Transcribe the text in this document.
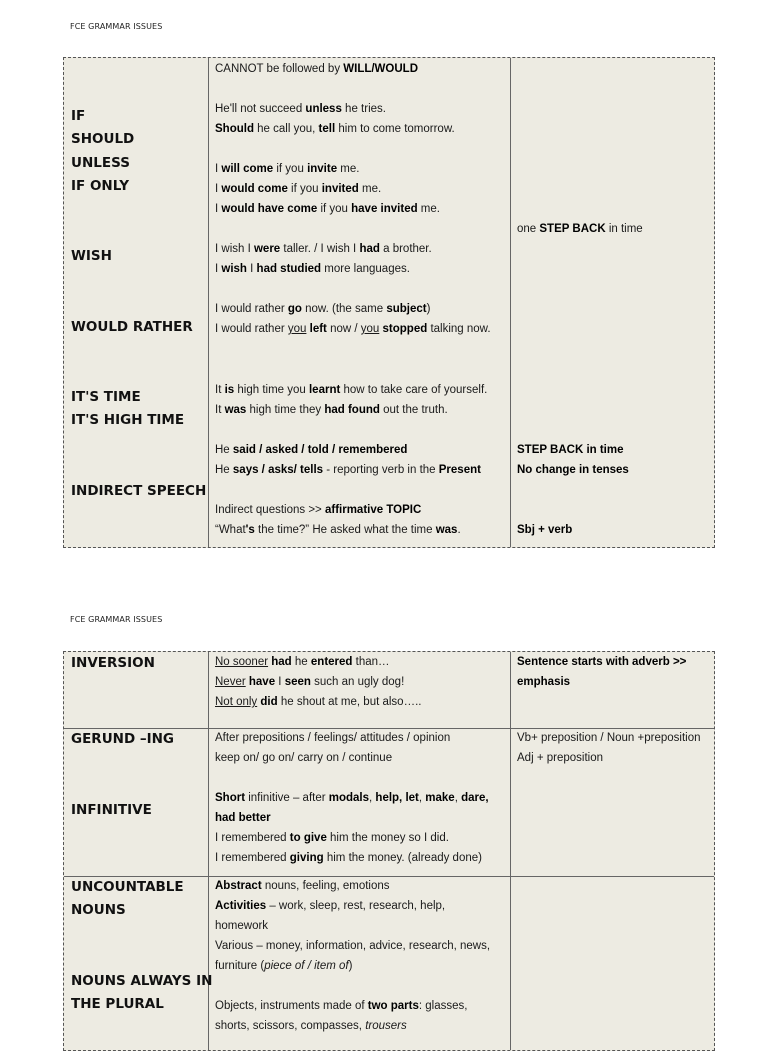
FCE GRAMMAR ISSUES
IF
SHOULD
UNLESS
IF ONLY
WISH
WOULD RATHER
IT'S TIME
IT'S HIGH TIME
INDIRECT SPEECH
CANNOT be followed by WILL/WOULD
He'll not succeed unless he tries.
Should he call you, tell him to come tomorrow.
I will come if you invite me.
I would come if you invited me.
I would have come if you have invited me.
I wish I were taller. / I wish I had a brother.
I wish I had studied more languages.
I would rather go now. (the same subject)
I would rather you left now / you stopped talking now.
It is high time you learnt how to take care of yourself.
It was high time they had found out the truth.
He said / asked / told / remembered
He says / asks/ tells - reporting verb in the Present
Indirect questions >> affirmative TOPIC
“What's the time?” He asked what the time was.
one STEP BACK in time
STEP BACK in time
No change in tenses
Sbj + verb
FCE GRAMMAR ISSUES
INVERSION
GERUND –ING
INFINITIVE
UNCOUNTABLE
NOUNS
NOUNS ALWAYS IN
THE PLURAL
No sooner had he entered than…
Never have I seen such an ugly dog!
Not only did he shout at me, but also…..
After prepositions / feelings/ attitudes / opinion
keep on/ go on/ carry on / continue
Short infinitive – after modals, help, let, make, dare,
had better
I remembered to give him the money so I did.
I remembered giving him the money. (already done)
Abstract nouns, feeling, emotions
Activities – work, sleep, rest, research, help,
homework
Various – money, information, advice, research, news,
furniture (piece of / item of)
Objects, instruments made of two parts: glasses,
shorts, scissors, compasses, trousers
Sentence starts with adverb >>
emphasis
Vb+ preposition / Noun +preposition
Adj + preposition
